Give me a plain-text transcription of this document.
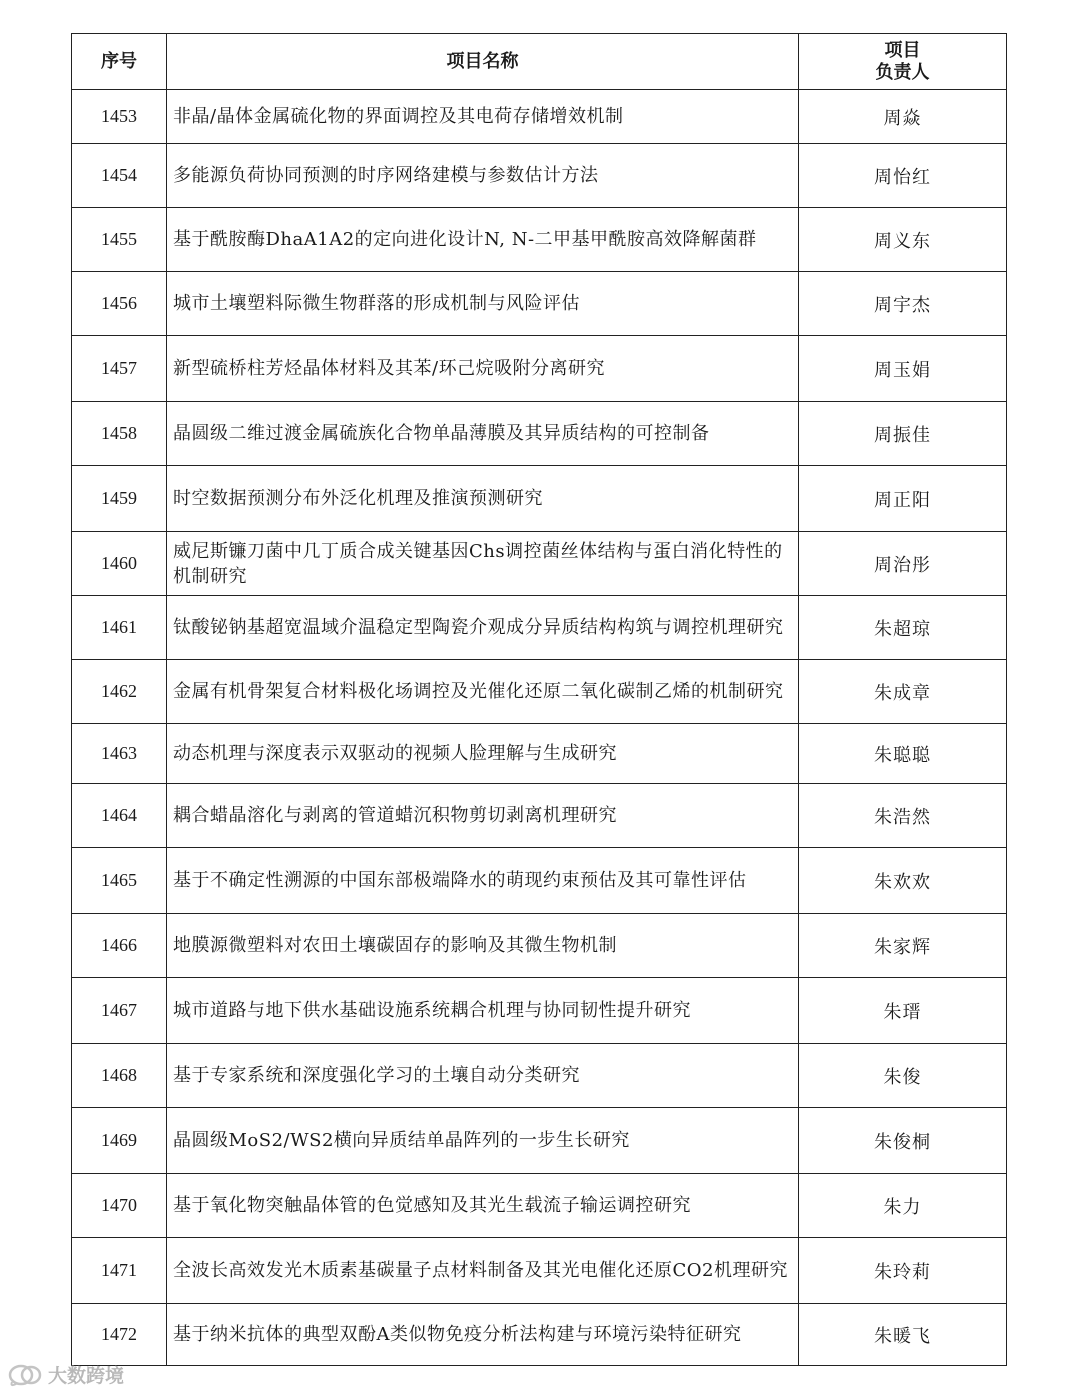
序号	项目名称	项目
负责人

1453	非晶/晶体金属硫化物的界面调控及其电荷存储增效机制	周焱
1454	多能源负荷协同预测的时序网络建模与参数估计方法	周怡红
1455	基于酰胺酶DhaA1A2的定向进化设计N, N-二甲基甲酰胺高效降解菌群	周义东
1456	城市土壤塑料际微生物群落的形成机制与风险评估	周宇杰
1457	新型硫桥柱芳烃晶体材料及其苯/环己烷吸附分离研究	周玉娟
1458	晶圆级二维过渡金属硫族化合物单晶薄膜及其异质结构的可控制备	周振佳
1459	时空数据预测分布外泛化机理及推演预测研究	周正阳
1460	威尼斯镰刀菌中几丁质合成关键基因Chs调控菌丝体结构与蛋白消化特性的机制研究	周治彤
1461	钛酸铋钠基超宽温域介温稳定型陶瓷介观成分异质结构构筑与调控机理研究	朱超琼
1462	金属有机骨架复合材料极化场调控及光催化还原二氧化碳制乙烯的机制研究	朱成章
1463	动态机理与深度表示双驱动的视频人脸理解与生成研究	朱聪聪
1464	耦合蜡晶溶化与剥离的管道蜡沉积物剪切剥离机理研究	朱浩然
1465	基于不确定性溯源的中国东部极端降水的萌现约束预估及其可靠性评估	朱欢欢
1466	地膜源微塑料对农田土壤碳固存的影响及其微生物机制	朱家辉
1467	城市道路与地下供水基础设施系统耦合机理与协同韧性提升研究	朱瑨
1468	基于专家系统和深度强化学习的土壤自动分类研究	朱俊
1469	晶圆级MoS2/WS2横向异质结单晶阵列的一步生长研究	朱俊桐
1470	基于氧化物突触晶体管的色觉感知及其光生载流子输运调控研究	朱力
1471	全波长高效发光木质素基碳量子点材料制备及其光电催化还原CO2机理研究	朱玲莉
1472	基于纳米抗体的典型双酚A类似物免疫分析法构建与环境污染特征研究	朱暖飞
大数跨境
